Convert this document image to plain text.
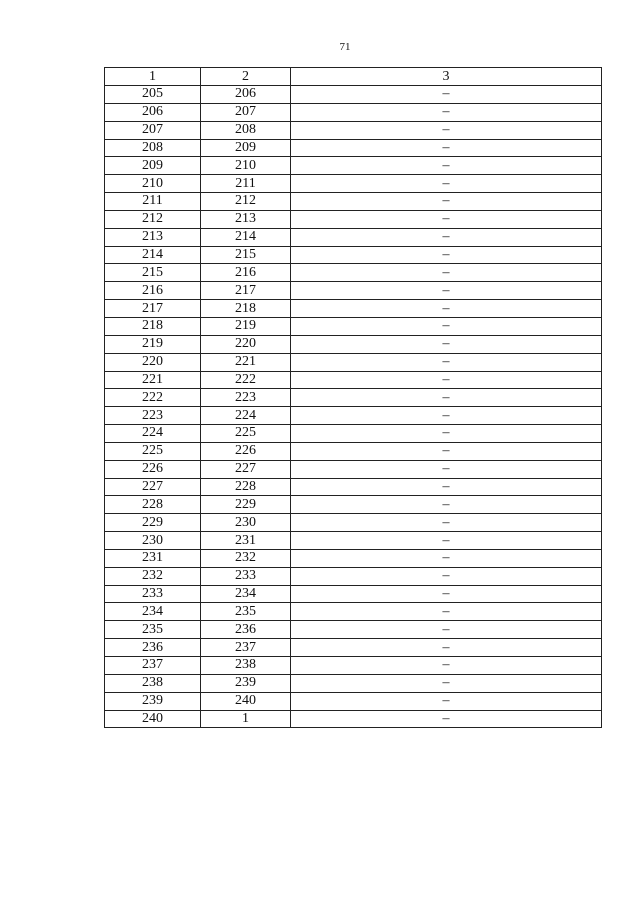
71
1	2	3
205	206	–
206	207	–
207	208	–
208	209	–
209	210	–
210	211	–
211	212	–
212	213	–
213	214	–
214	215	–
215	216	–
216	217	–
217	218	–
218	219	–
219	220	–
220	221	–
221	222	–
222	223	–
223	224	–
224	225	–
225	226	–
226	227	–
227	228	–
228	229	–
229	230	–
230	231	–
231	232	–
232	233	–
233	234	–
234	235	–
235	236	–
236	237	–
237	238	–
238	239	–
239	240	–
240	1	–
